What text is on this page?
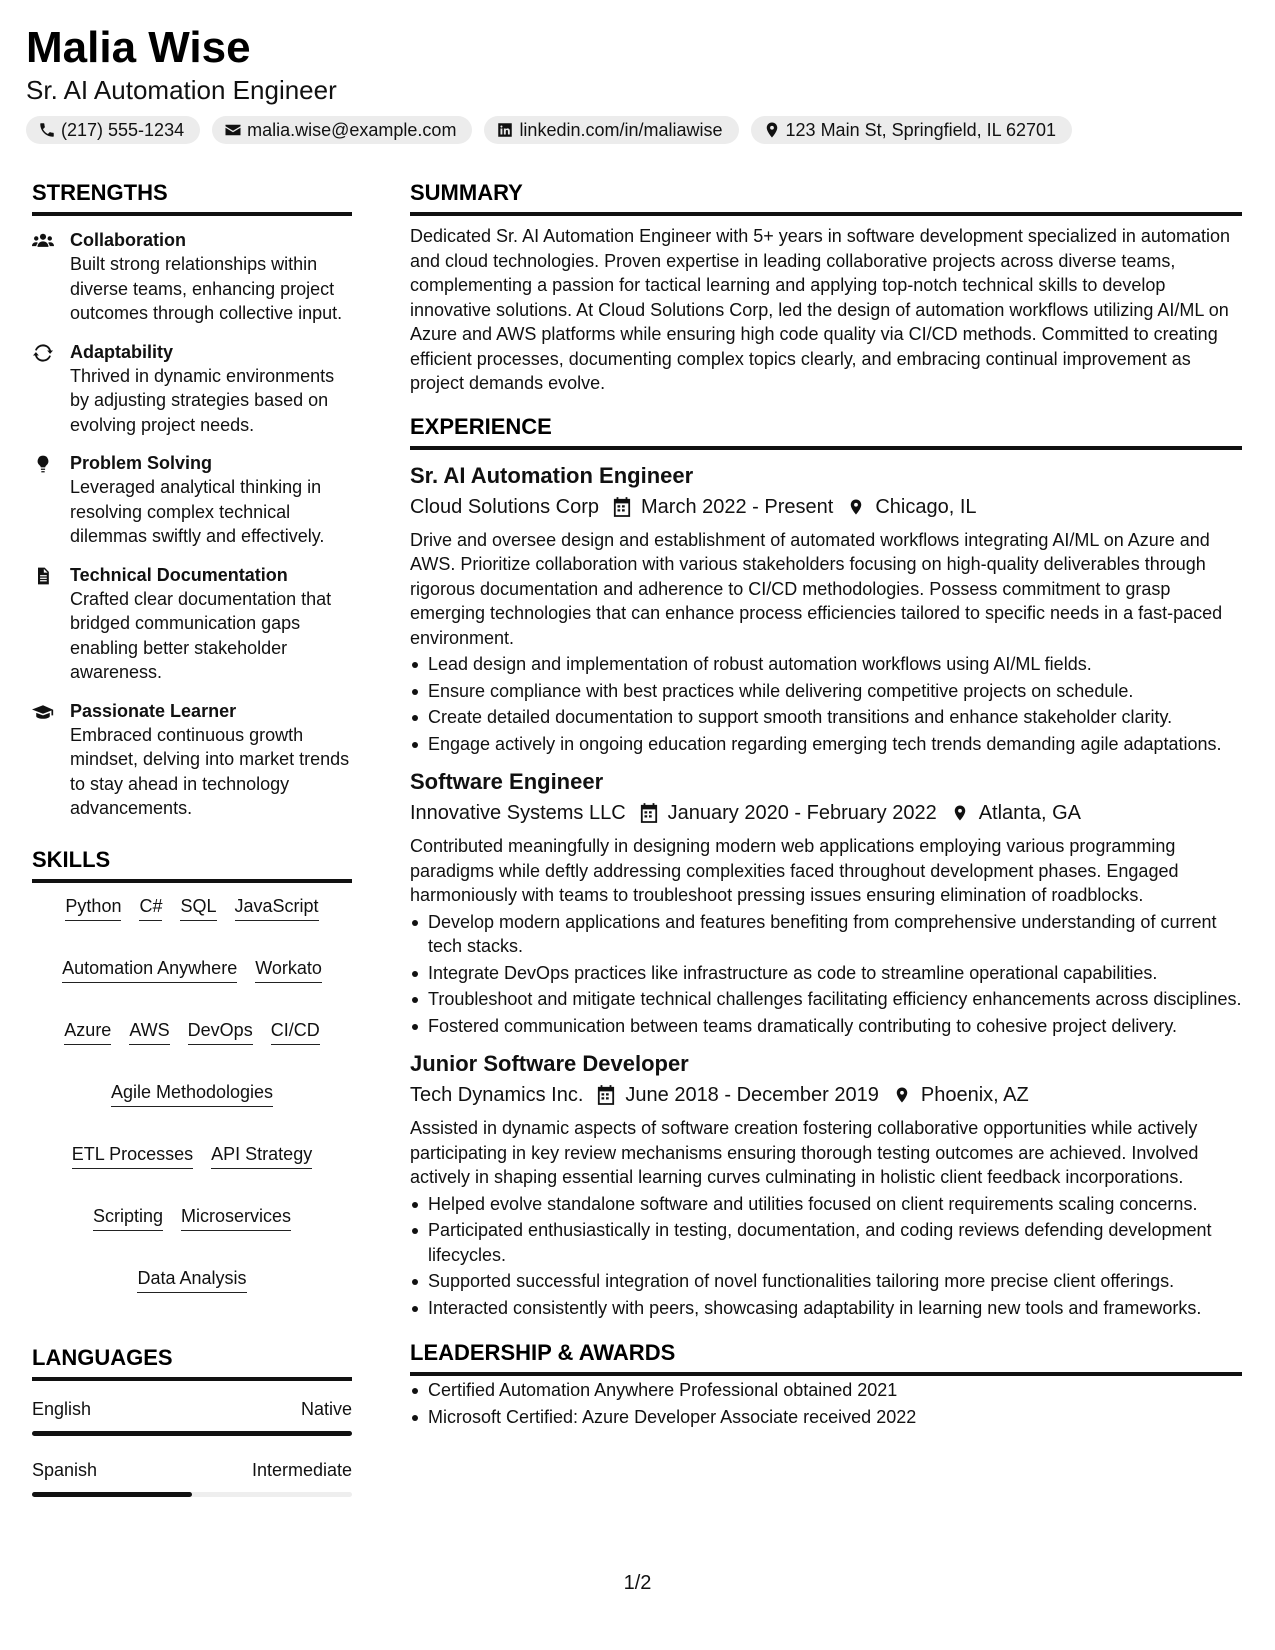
Malia Wise
Sr. AI Automation Engineer
(217) 555-1234	malia.wise@example.com	linkedin.com/in/maliawise	123 Main St, Springfield, IL 62701
STRENGTHS
Collaboration
Built strong relationships within diverse teams, enhancing project outcomes through collective input.
Adaptability
Thrived in dynamic environments by adjusting strategies based on evolving project needs.
Problem Solving
Leveraged analytical thinking in resolving complex technical dilemmas swiftly and effectively.
Technical Documentation
Crafted clear documentation that bridged communication gaps enabling better stakeholder awareness.
Passionate Learner
Embraced continuous growth mindset, delving into market trends to stay ahead in technology advancements.
SKILLS
Python C# SQL JavaScript
Automation Anywhere Workato
Azure AWS DevOps CI/CD
Agile Methodologies
ETL Processes API Strategy
Scripting Microservices
Data Analysis
LANGUAGES
English	Native
Spanish	Intermediate
SUMMARY
Dedicated Sr. AI Automation Engineer with 5+ years in software development specialized in automation and cloud technologies. Proven expertise in leading collaborative projects across diverse teams, complementing a passion for tactical learning and applying top-notch technical skills to develop innovative solutions. At Cloud Solutions Corp, led the design of automation workflows utilizing AI/ML on Azure and AWS platforms while ensuring high code quality via CI/CD methods. Committed to creating efficient processes, documenting complex topics clearly, and embracing continual improvement as project demands evolve.
EXPERIENCE
Sr. AI Automation Engineer
Cloud Solutions Corp March 2022 - Present Chicago, IL
Drive and oversee design and establishment of automated workflows integrating AI/ML on Azure and AWS. Prioritize collaboration with various stakeholders focusing on high-quality deliverables through rigorous documentation and adherence to CI/CD methodologies. Possess commitment to grasp emerging technologies that can enhance process efficiencies tailored to specific needs in a fast-paced environment.
Lead design and implementation of robust automation workflows using AI/ML fields.
Ensure compliance with best practices while delivering competitive projects on schedule.
Create detailed documentation to support smooth transitions and enhance stakeholder clarity.
Engage actively in ongoing education regarding emerging tech trends demanding agile adaptations.
Software Engineer
Innovative Systems LLC January 2020 - February 2022 Atlanta, GA
Contributed meaningfully in designing modern web applications employing various programming paradigms while deftly addressing complexities faced throughout development phases. Engaged harmoniously with teams to troubleshoot pressing issues ensuring elimination of roadblocks.
Develop modern applications and features benefiting from comprehensive understanding of current tech stacks.
Integrate DevOps practices like infrastructure as code to streamline operational capabilities.
Troubleshoot and mitigate technical challenges facilitating efficiency enhancements across disciplines.
Fostered communication between teams dramatically contributing to cohesive project delivery.
Junior Software Developer
Tech Dynamics Inc. June 2018 - December 2019 Phoenix, AZ
Assisted in dynamic aspects of software creation fostering collaborative opportunities while actively participating in key review mechanisms ensuring thorough testing outcomes are achieved. Involved actively in shaping essential learning curves culminating in holistic client feedback incorporations.
Helped evolve standalone software and utilities focused on client requirements scaling concerns.
Participated enthusiastically in testing, documentation, and coding reviews defending development lifecycles.
Supported successful integration of novel functionalities tailoring more precise client offerings.
Interacted consistently with peers, showcasing adaptability in learning new tools and frameworks.
LEADERSHIP & AWARDS
Certified Automation Anywhere Professional obtained 2021
Microsoft Certified: Azure Developer Associate received 2022
1/2
